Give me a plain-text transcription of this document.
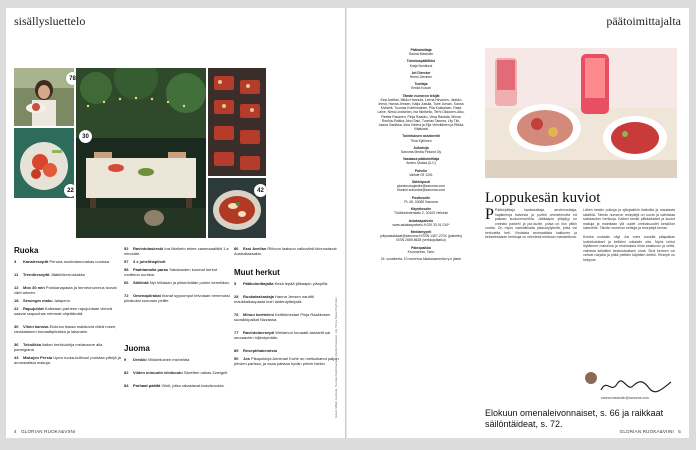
sisällysluettelo
78
22
30
42
Ruoka
3 Kanaireseptit Peruna-nuotiotamunakas uunissa
11 Trendireseptit Jäätelökerroskakku
12 Mox 30 min Porkkanapasta ja herneuhunmus tuovat värit arkeen.
18 Sesongin maku Jalapeno
22 Rapujuhlat Kaikeaan parheen rapujuhlaan viimeä saavat raapuohas reimmat ohjeitämää.
30 Viinin kanssa Elokuun tiassa maistuvat viileä rosee, ranskalainen tomaattipiirakka ja lakanaim.
36 Tekniikka Italian herkkuluhja melanzane alla parmigiana
43 Makujen Persia Upea ruoka-kulttuuri puristaa yrttejä ja aromaattisia makuja.
52 Ravintolaskeski Ina Nkriketo tekee casenaaalitkit 1 a minuutte.
57 3 x juhelihapihvit
58 Paahtamalla paras Satokauden kuumat herkut rootteton uunista.
66 Säilöntä Nyt hillotaan ja pikkeöidään purkin kermiläan.
72 Omenapiirakat Ihanat syysomput leivotaan nemmoksi piirakoksi suonaan peillle.
Juoma
9 Drinkki Viilokintuinen micheldia
82 Viiden minuutin viinikoulu Sävelten raikas Zweigelt
84 Parhaat päältä Viinit, jotka rakastavat kasvisruokia.
86 Essi Avellan Riihoon laakson valkoviinit kiinnostavat Australiassakin.
Muut herkut
5 Pääkoimittajalta Kesä lepää jälkaapin ylänpillä.
28 Ruokatarkastaja Hanna Jensen nautitti maukkaikaupasta kuin laiderdyttelystä.
76 Minun kortteleni Keittiömestari Pinja Raakkosen suosikkipaikat Nizzassa.
77 Ravintolaresepti Wellamon tomaatti-tartaletit sai seuraavien hiljentymään.
89 Reseptihakemisto
90 Jos Pikapukinja Annimari Korte on melkoikanut paljon pihvien parissa, ja osaa paistaa hyvän pihvin hiekin.	Kuvat: Mikko Hannula, Tuomas Kolehmainen, Reetta Pasanen, Lily Tiiri ja Paras Pöyhönen
4 GLORIAN RUOKA&VIINI
päätoimittajalta
Päätoimittaja
Sanna Maskulin
Toimituspäällikkö
Katja Nordlund
Art Director
Helmi Järvinen
Tuottaja
Emilia Kosari
Tämän numeron tekijät
Essi Avellan, Mikko Hannula, Leena Hirvonen, Jaakko Inesti, Hanna Jensen, Katja Jussila, Tuire Jurvan, Sanna Kivilahti, Tuomas Kolehmainen, Piia Kostiainen, Rasa Laine, Nima Lindström, Ina Nkrikeito, Terhi Okkonen-Aiko, Reetta Pasanen, Pinja Raakko, Vesa Rantala, Minna Reuhla-Palkka, Aino Saki, Tuomas Tamma, Lily Tiiri, Jaana Vianikka, Inka Vielma ja Elja Vehviläinen ja Riikka Viitakoski
Toimituksen assistentti
Tiina Kyllönen
Julkaisija
Sanoma Media Finland Oy
Vastaava päätoimittaja
Antero Mukka (ILC)
Puhelin
Vaihde 09 1201
Sähköposti
gloriaruokajaviini@sanoma.com etunimi.sukunimi@sanoma.com
Postiosoite
PL 45, 00089 Sanoma
Käyntiosoite
Töölönlahdenkatu 2, 00100 Helsinki
Asiakaspalvelu
www.asiakaspalvelu.fi 020 33 01 010*
Mediamyynti
yritysasiakkaat@sanoma.fi ISSN 1457-270X (painettu) ISSN 2669-8628 (verkkojulkaisu)
Painopaikka
Kroonpress, Tartu
24. vuosikerta, 10 numeroa Aikakausmedia ry:n jäsen
Loppukesän kuviot
P Pääkirjoittaja kantanutkaja, aeolemoukaja, hajatiertoja kaivesta ja portkit ommelenutta ed pakaan suotoremuhihla. Jääkaapin ylläpilyy on ominitto parkehi ja pur-kuöte, joista on ilon pitkin vuotta. On myös vaahdikkaita pikauidylykeitä, jotka voi herkutella heti. Virolaista aromaattisia kakkuren ja kekselekaanin herkkuja on mierdesti melkaun maustettuna.
Lähen keskin polkuja ja sjttojaaliriin tiatkoilta ja maukasta sisältöä. Tämän numeron reseptejä on uunia ja valmistaa satokauden herkkuja. Kaiken keskit pitkäaikaiset ja kuulut makuja ja mainitaan ylä uudet ominaisuudet keskiöön lukeneille. Tämän numeron keittoja ja reseptejä kerran.

Kuinka uudiakin näyt Jos nnes vuosilla pääpaikan luoksikutukset ja keillämi voitaisiin oita. Myös lohtut löytämme maisema ja ehdotuksia ilmia kaakkoon ja vettä-valmista keilaillen keskustauksen omia. Sinä kertoen voi vahvat harjalla ja pitkä peittäin käyttäen keittiö. Resepti on helppoa.
sanna.maskulin@sanoma.com
Elokuun omenaleivonnaiset, s. 66 ja raikkaat säilöntäideat, s. 72.
GLORIAN RUOKA&VIINI 5
